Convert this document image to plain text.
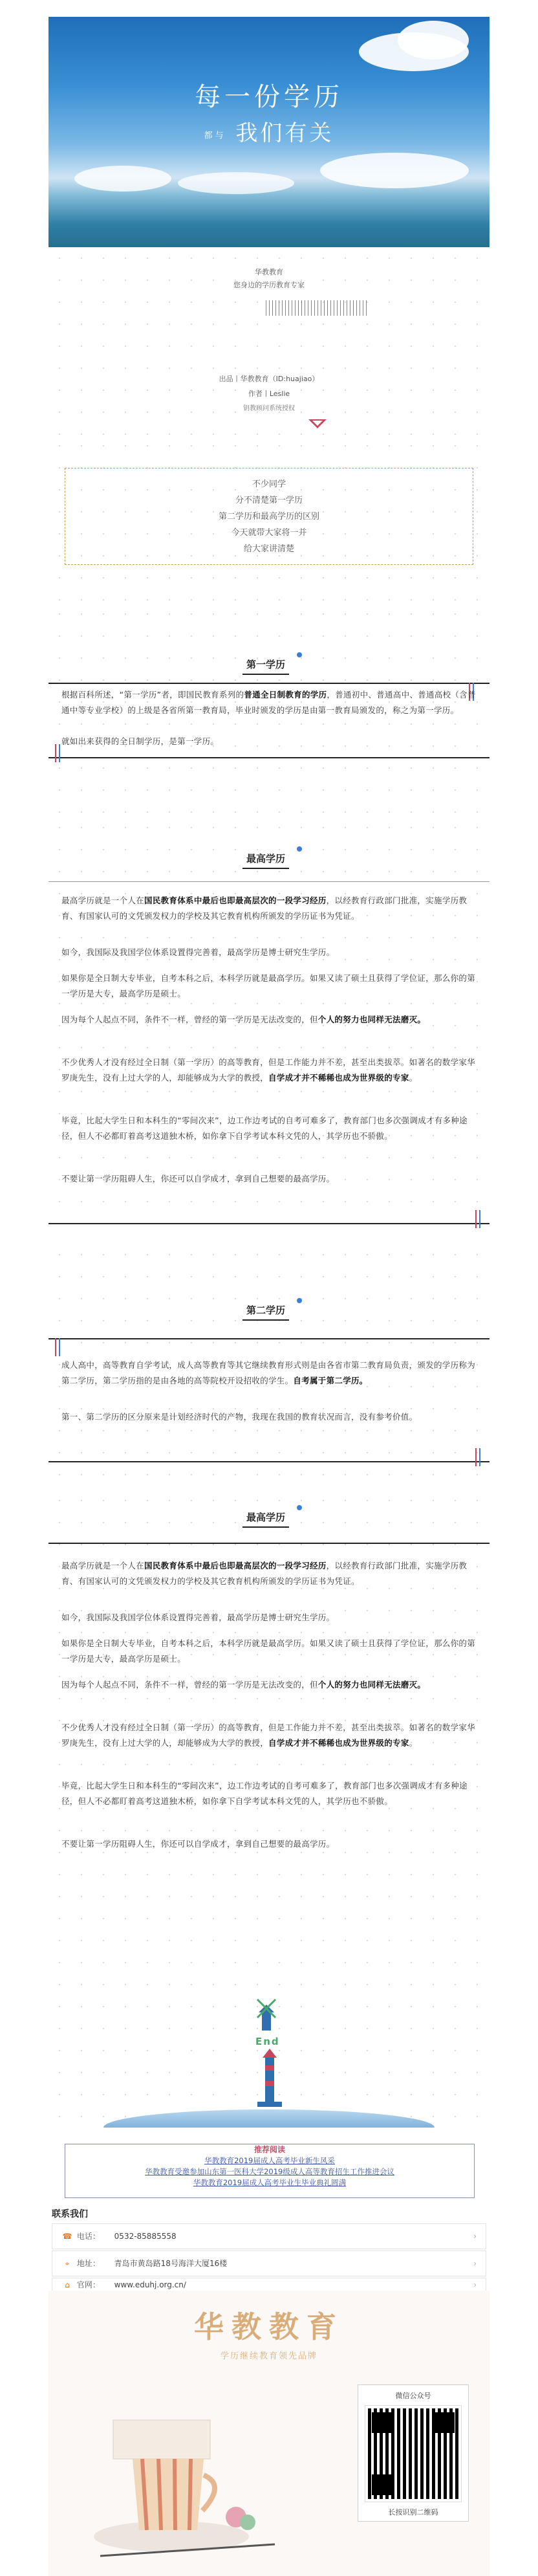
每一份学历
都与 我们有关
华教教育
您身边的学历教育专家
出品丨华教教育（ID:huajiao）
作者丨Leslie
钥教顾问系统授权
不少同学
分不清楚第一学历
第二学历和最高学历的区别
今天就带大家将一并
给大家讲清楚
第一学历

根据百科所述，“第一学历”者，即国民教育系列的普通全日制教育的学历，普通初中、普通高中、普通高校（含普通中等专业学校）的上级是各省所第一教育局，毕业时颁发的学历是由第一教育局颁发的，称之为第一学历。

就如出来获得的全日制学历，是第一学历。

最高学历

最高学历就是一个人在国民教育体系中最后也即最高层次的一段学习经历，以经教育行政部门批准，实施学历教育、有国家认可的文凭颁发权力的学校及其它教育机构所颁发的学历证书为凭证。

如今，我国际及我国学位体系设置得完善着，最高学历是博士研究生学历。

如果你是全日制大专毕业，自考本科之后，本科学历就是最高学历。如果又读了硕士且获得了学位证，那么你的第一学历是大专，最高学历是硕士。

因为每个人起点不同，条件不一样，曾经的第一学历是无法改变的，但个人的努力也同样无法磨灭。

不少优秀人才没有经过全日制（第一学历）的高等教育，但是工作能力并不差，甚至出类拔萃。如著名的数学家华罗庚先生，没有上过大学的人，却能够成为大学的教授，自学成才并不稀稀也成为世界级的专家。

毕竟，比起大学生日和本科生的“零间次来”，边工作边考试的自考可难多了，教育部门也多次强调成才有多种途径，但人不必都盯着高考这道独木桥，如你拿下自学考试本科文凭的人，其学历也不骄傲。

不要让第一学历阻碍人生，你还可以自学成才，拿到自己想要的最高学历。

第二学历

成人高中，高等教育自学考试，成人高等教育等其它继续教育形式则是由各省市第二教育局负责，颁发的学历称为第二学历，第二学历指的是由各地的高等院校开设招收的学生。自考属于第二学历。

第一、第二学历的区分原来是计划经济时代的产物，我现在我国的教育状况而言，没有参考价值。

最高学历

最高学历就是一个人在国民教育体系中最后也即最高层次的一段学习经历，以经教育行政部门批准，实施学历教育、有国家认可的文凭颁发权力的学校及其它教育机构所颁发的学历证书为凭证。

如今，我国际及我国学位体系设置得完善着，最高学历是博士研究生学历。

如果你是全日制大专毕业，自考本科之后，本科学历就是最高学历。如果又读了硕士且获得了学位证，那么你的第一学历是大专，最高学历是硕士。

因为每个人起点不同，条件不一样，曾经的第一学历是无法改变的，但个人的努力也同样无法磨灭。

不少优秀人才没有经过全日制（第一学历）的高等教育，但是工作能力并不差，甚至出类拔萃。如著名的数学家华罗庚先生，没有上过大学的人，却能够成为大学的教授，自学成才并不稀稀也成为世界级的专家。

毕竟，比起大学生日和本科生的“零间次来”，边工作边考试的自考可难多了，教育部门也多次强调成才有多种途径，但人不必都盯着高考这道独木桥，如你拿下自学考试本科文凭的人，其学历也不骄傲。

不要让第一学历阻碍人生，你还可以自学成才，拿到自己想要的最高学历。

End
推荐阅读
华教教育2019届成人高考毕业新生风采
华教教育受邀参加山东第一医科大学2019级成人高等教育招生工作推进会议
华教教育2019届成人高考毕业生毕业典礼圆满
联系我们
☎ 电话： 0532-85885558	›
⌖ 地址： 青岛市黄岛路18号海洋大厦16楼	›
⌂ 官网： www.eduhj.org.cn/	›
华教教育
学历继续教育领先品牌
微信公众号
长按识别二维码
